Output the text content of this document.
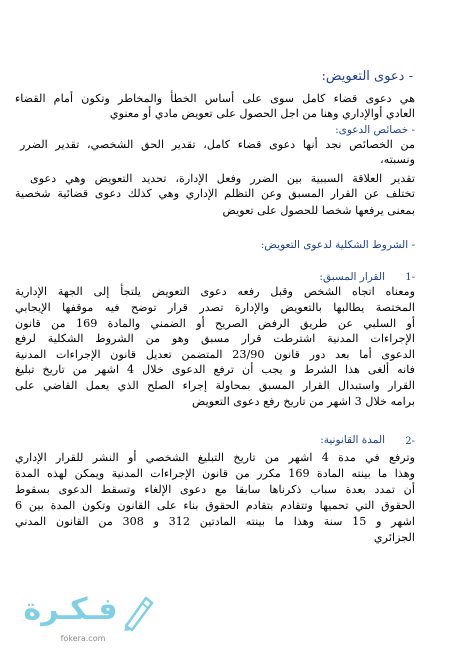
- دعوى التعويض:
هي دعوى قضاء كامل سوى على أساس الخطأ والمخاطر وتكون أمام القضاء
العادي أوالإداري وهنا من اجل الحصول على تعويض مادي أو معنوي
- خصائص الدعوى:
من الخصائص نجد أنها دعوى قضاء كامل، تقدير الحق الشخصي، تقدير الضرر
ونسبته،
تقدير العلاقة السببية بين الضرر وفعل الإدارة، تحديد التعويض وهي دعوى
تختلف عن القرار المسبق وعن التظلم الإداري وهي كذلك دعوى قضائية شخصية
بمعنى يرفعها شخصا للحصول على تعويض
- الشروط الشكلية لدعوى التعويض:
-1
القرار المسبق:
ومعناه اتجاه الشخص وقبل رفعه دعوى التعويض يلتجأ إلى الجهة الإدارية
المختصة يطالبها بالتعويض والإدارة تصدر قرار توضح فيه موقفها الإيجابي
أو السلبي عن طريق الرفض الصريح أو الضمني والمادة 169 من قانون
الإجراءات المدنية اشترطت قرار مسبق وهو من الشروط الشكلية لرفع
الدعوى أما بعد دور قانون 23/90 المتضمن تعديل قانون الإجراءات المدنية
فانه ألغى هذا الشرط و يجب أن ترفع الدعوى خلال 4 اشهر من تاريخ تبليغ
القرار واستبدال القرار المسبق بمحاولة إجراء الصلح الذي يعمل القاضي على
برامه خلال 3 اشهر من تاريخ رفع دعوى التعويض
-2
المدة القانونية:
وترفع في مدة 4 اشهر من تاريخ التبليغ الشخصي أو النشر للقرار الإداري
وهذا ما بينته المادة 169 مكرر من قانون الإجراءات المدنية ويمكن لهذه المدة
أن تمدد بعدة سباب ذكرناها سابقا مع دعوى الإلغاء وتسقط الدعوى بسقوط
الحقوق التي تحميها وتتقادم بتقادم الحقوق بناء على القانون وتكون المدة بين 6
اشهر و 15 سنة وهذا ما بينته المادتين 312 و 308 من القانون المدني
الجزائري
فـكـرة
fokera.com
